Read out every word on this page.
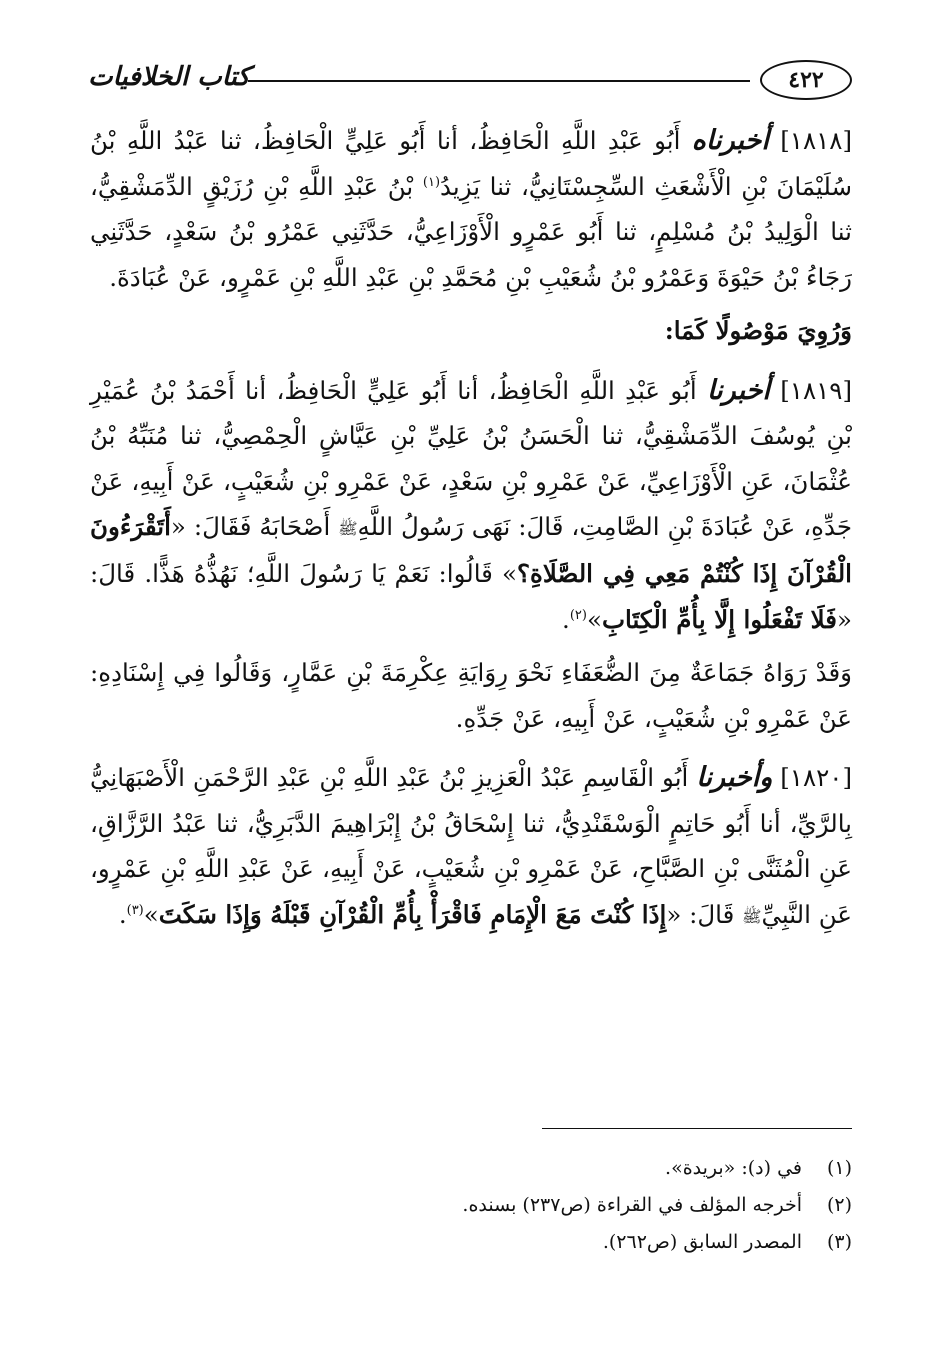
٤٢٢
كتاب الخلافيات

[١٨١٨] أخبرناه أَبُو عَبْدِ اللَّهِ الْحَافِظُ، أنا أَبُو عَلِيٍّ الْحَافِظُ، ثنا عَبْدُ اللَّهِ بْنُ سُلَيْمَانَ بْنِ الْأَشْعَثِ السِّجِسْتَانِيُّ، ثنا يَزِيدُ$^{(١)}$ بْنُ عَبْدِ اللَّهِ بْنِ رُزَيْقٍ الدِّمَشْقِيُّ، ثنا الْوَلِيدُ بْنُ مُسْلِمٍ، ثنا أَبُو عَمْرٍو الْأَوْزَاعِيُّ، حَدَّثَنِي عَمْرُو بْنُ سَعْدٍ، حَدَّثَنِي رَجَاءُ بْنُ حَيْوَةَ وَعَمْرُو بْنُ شُعَيْبِ بْنِ مُحَمَّدِ بْنِ عَبْدِ اللَّهِ بْنِ عَمْرٍو، عَنْ عُبَادَةَ.

وَرُوِيَ مَوْصُولًا كَمَا:

[١٨١٩] أخبرنا أَبُو عَبْدِ اللَّهِ الْحَافِظُ، أنا أَبُو عَلِيٍّ الْحَافِظُ، أنا أَحْمَدُ بْنُ عُمَيْرِ بْنِ يُوسُفَ الدِّمَشْقِيُّ، ثنا الْحَسَنُ بْنُ عَلِيِّ بْنِ عَيَّاشٍ الْحِمْصِيُّ، ثنا مُنَبِّهُ بْنُ عُثْمَانَ، عَنِ الْأَوْزَاعِيِّ، عَنْ عَمْرِو بْنِ سَعْدٍ، عَنْ عَمْرِو بْنِ شُعَيْبٍ، عَنْ أَبِيهِ، عَنْ جَدِّهِ، عَنْ عُبَادَةَ بْنِ الصَّامِتِ، قَالَ: نَهَى رَسُولُ اللَّهِﷺ أَصْحَابَهُ فَقَالَ: «أَتَقْرَءُونَ الْقُرْآنَ إِذَا كُنْتُمْ مَعِي فِي الصَّلَاةِ؟» قَالُوا: نَعَمْ يَا رَسُولَ اللَّهِ؛ نَهُذُّهُ هَذًّا. قَالَ: «فَلَا تَفْعَلُوا إِلَّا بِأُمِّ الْكِتَابِ»$^{(٢)}$.

وَقَدْ رَوَاهُ جَمَاعَةٌ مِنَ الضُّعَفَاءِ نَحْوَ رِوَايَةِ عِكْرِمَةَ بْنِ عَمَّارٍ، وَقَالُوا فِي إِسْنَادِهِ: عَنْ عَمْرِو بْنِ شُعَيْبٍ، عَنْ أَبِيهِ، عَنْ جَدِّهِ.

[١٨٢٠] وأخبرنا أَبُو الْقَاسِمِ عَبْدُ الْعَزِيزِ بْنُ عَبْدِ اللَّهِ بْنِ عَبْدِ الرَّحْمَنِ الْأَصْبَهَانِيُّ بِالرَّيِّ، أنا أَبُو حَاتِمٍ الْوَسْقَنْدِيُّ، ثنا إِسْحَاقُ بْنُ إِبْرَاهِيمَ الدَّبَرِيُّ، ثنا عَبْدُ الرَّزَّاقِ، عَنِ الْمُثَنَّى بْنِ الصَّبَّاحِ، عَنْ عَمْرِو بْنِ شُعَيْبٍ، عَنْ أَبِيهِ، عَنْ عَبْدِ اللَّهِ بْنِ عَمْرٍو، عَنِ النَّبِيِّﷺ قَالَ: «إِذَا كُنْتَ مَعَ الْإِمَامِ فَاقْرَأْ بِأُمِّ الْقُرْآنِ قَبْلَهُ وَإِذَا سَكَتَ»$^{(٣)}$.

(١)
في (د): «بريدة».
(٢)
أخرجه المؤلف في القراءة (ص٢٣٧) بسنده.
(٣)
المصدر السابق (ص٢٦٢).
